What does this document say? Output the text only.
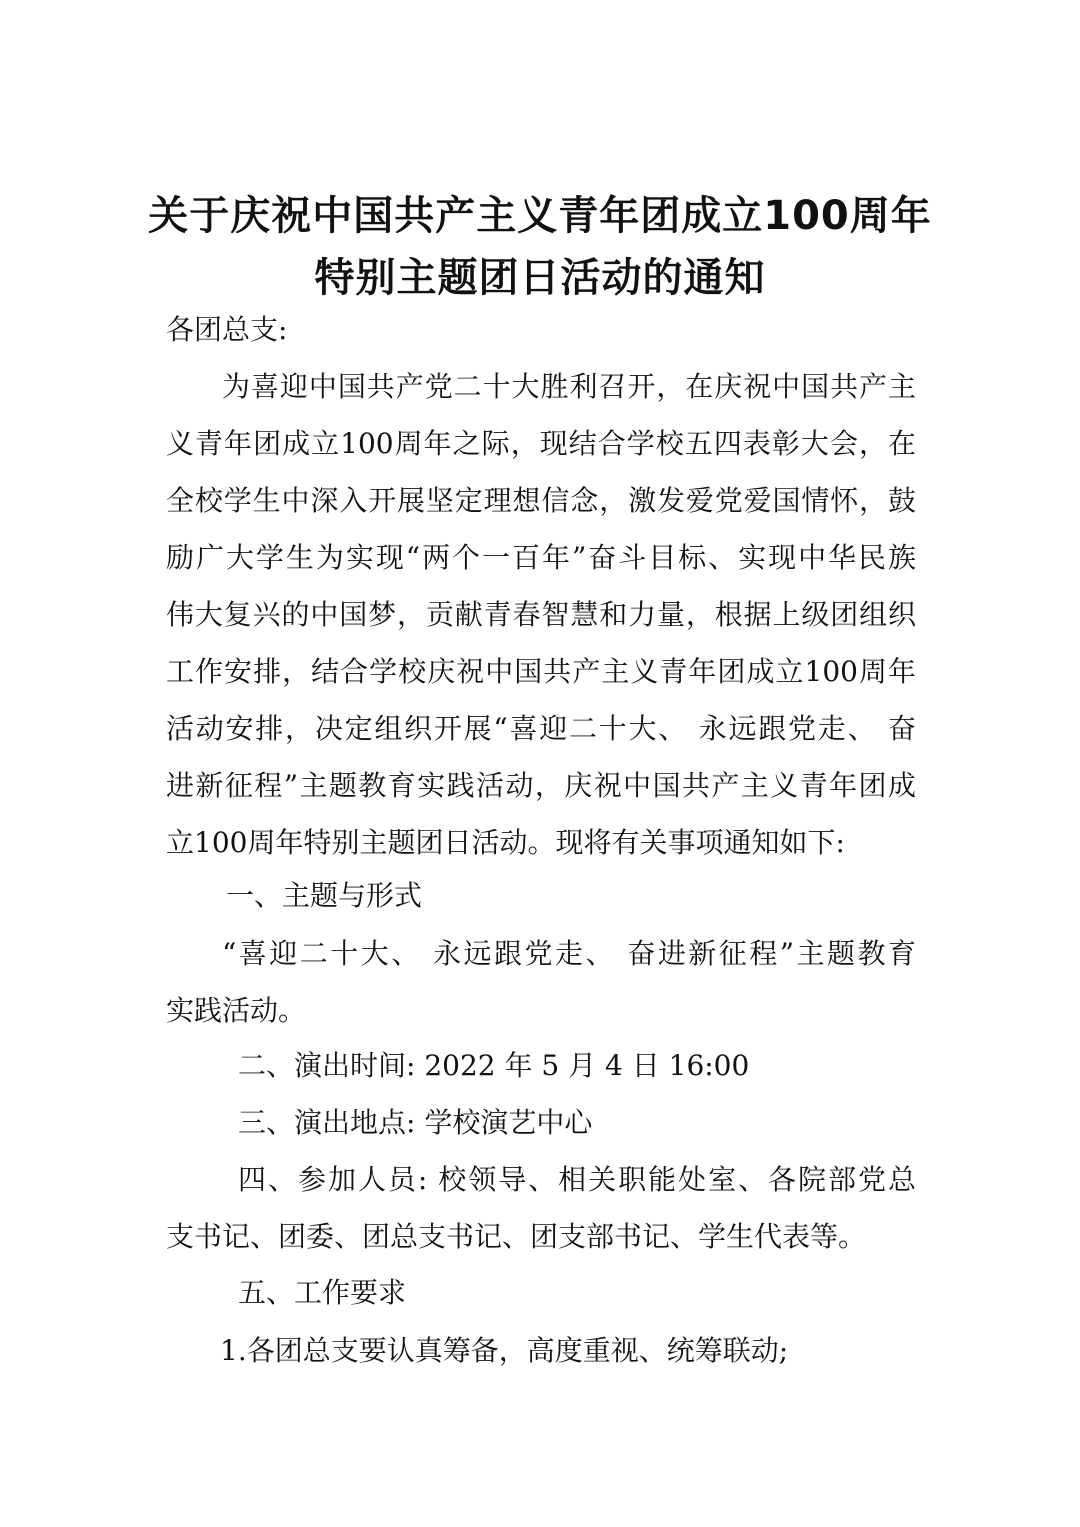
关于庆祝中国共产主义青年团成立100周年
特别主题团日活动的通知
各团总支:
为喜迎中国共产党二十大胜利召开，在庆祝中国共产主
义青年团成立100周年之际，现结合学校五四表彰大会，在
全校学生中深入开展坚定理想信念，激发爱党爱国情怀，鼓
励广大学生为实现“两个一百年”奋斗目标、实现中华民族
伟大复兴的中国梦，贡献青春智慧和力量，根据上级团组织
工作安排，结合学校庆祝中国共产主义青年团成立100周年
活动安排，决定组织开展“喜迎二十大、 永远跟党走、 奋
进新征程”主题教育实践活动，庆祝中国共产主义青年团成
立100周年特别主题团日活动。现将有关事项通知如下:
一、主题与形式
“喜迎二十大、 永远跟党走、 奋进新征程”主题教育
实践活动。
二、演出时间: 2022 年 5 月 4 日 16:00
三、演出地点: 学校演艺中心
四、参加人员: 校领导、相关职能处室、各院部党总
支书记、团委、团总支书记、团支部书记、学生代表等。
五、工作要求
1.各团总支要认真筹备，高度重视、统筹联动;
